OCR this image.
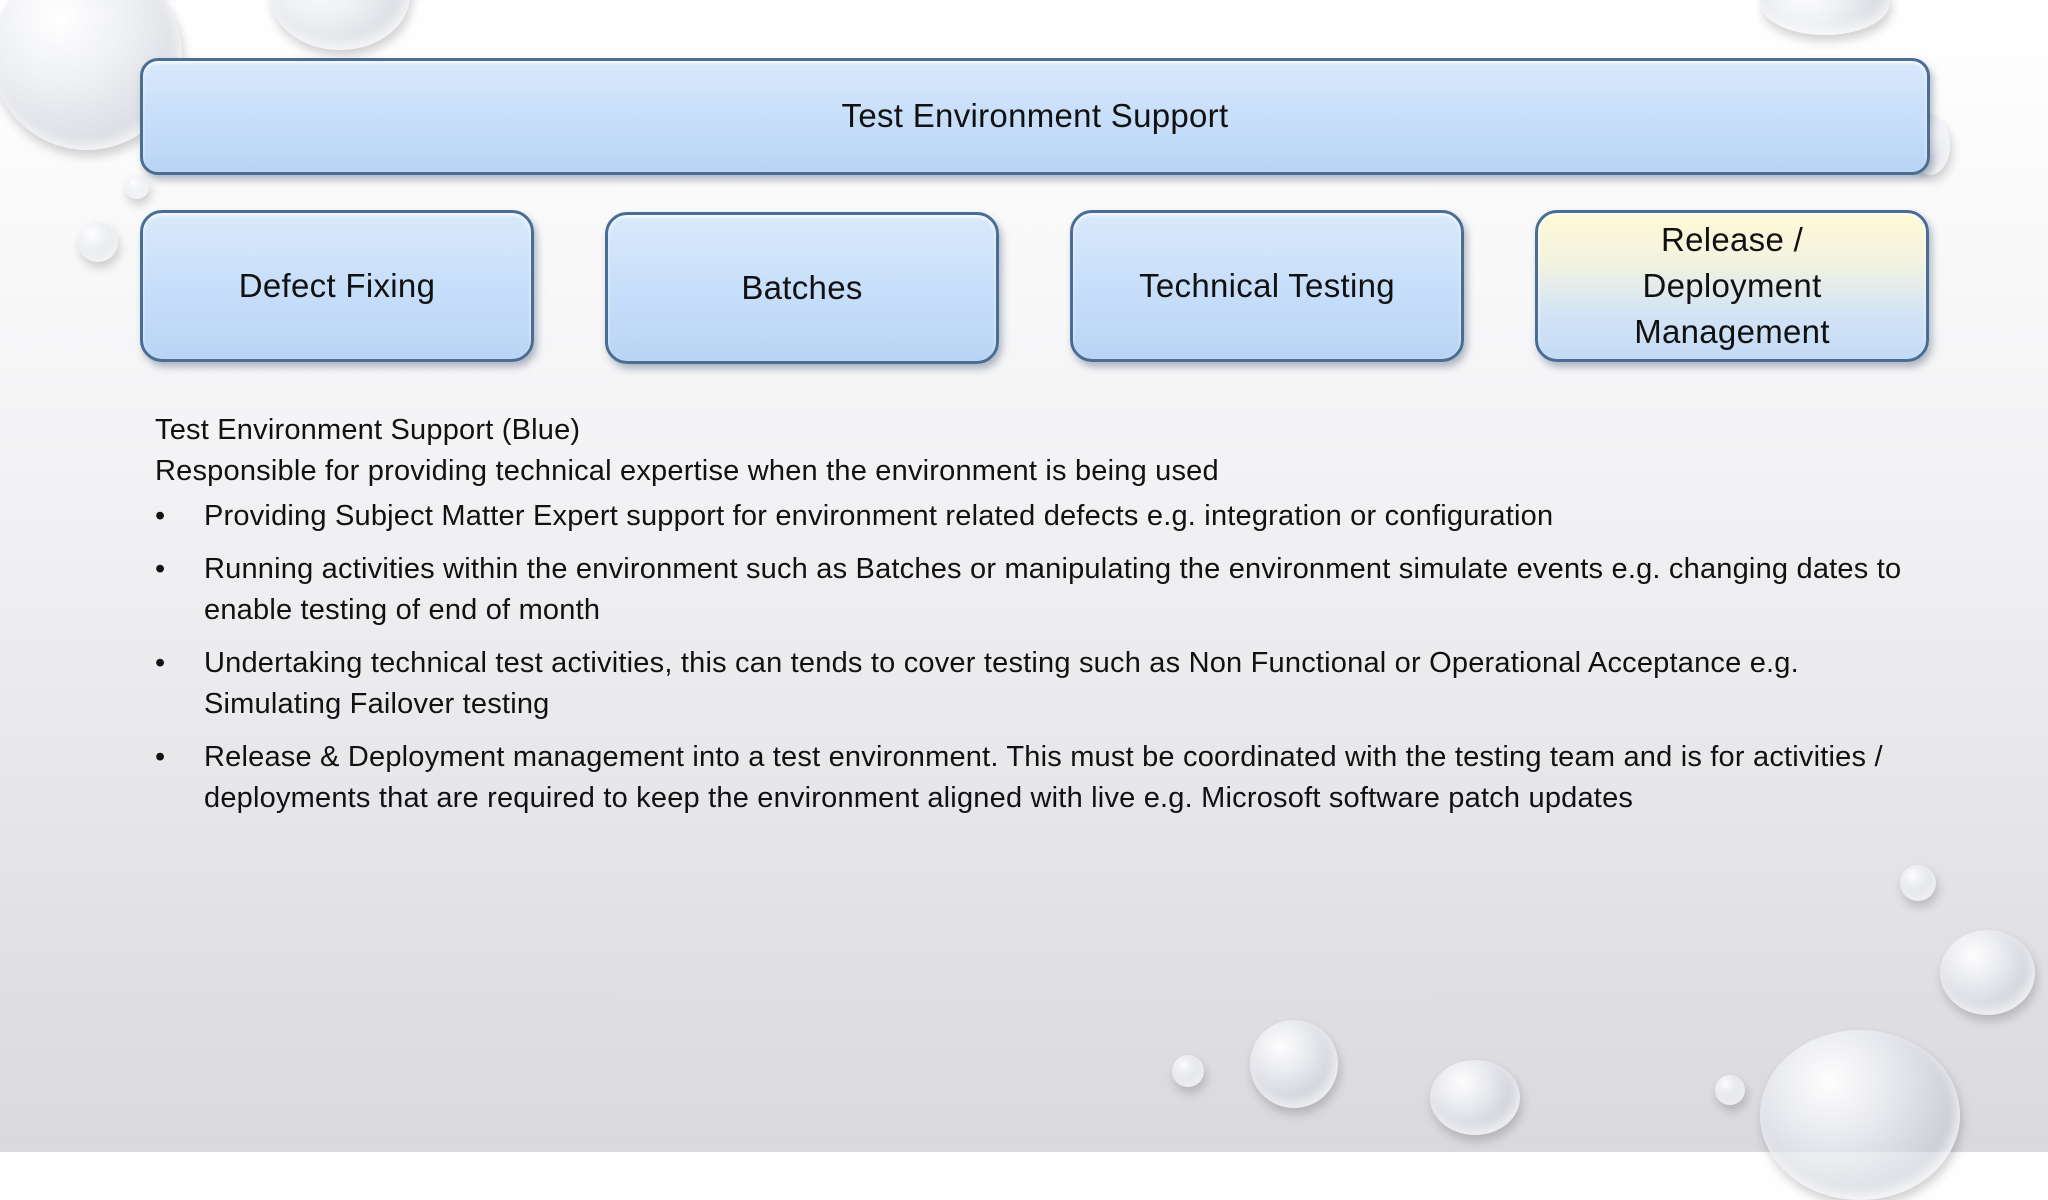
Test Environment Support
Defect Fixing	Batches	Technical Testing
Release / Deployment Management

Test Environment Support (Blue)

Responsible for providing technical expertise when the environment is being used

•	Providing Subject Matter Expert support for environment related defects e.g. integration or configuration
•	Running activities within the environment such as Batches or manipulating the environment simulate events e.g. changing dates to enable testing of end of month
•	Undertaking technical test activities, this can tends to cover testing such as Non Functional or Operational Acceptance e.g. Simulating Failover testing
•	Release & Deployment management into a test environment. This must be coordinated with the testing team and is for activities / deployments that are required to keep the environment aligned with live e.g. Microsoft software patch updates
